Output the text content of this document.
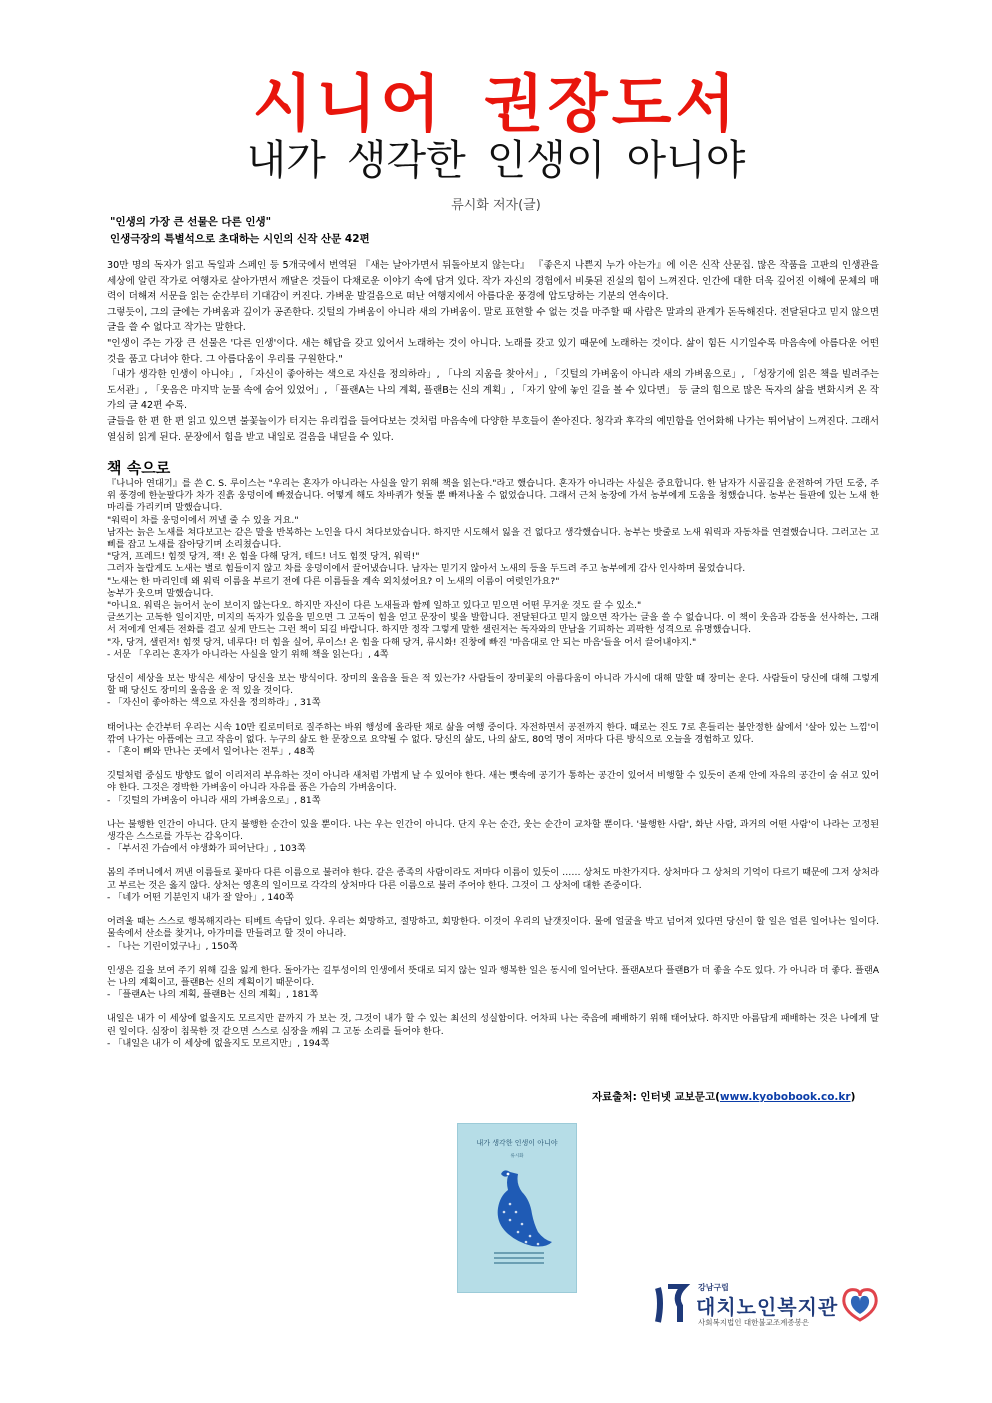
시니어 권장도서
내가 생각한 인생이 아니야
류시화 저자(글)
"인생의 가장 큰 선물은 다른 인생"
인생극장의 특별석으로 초대하는 시인의 신작 산문 42편

30만 명의 독자가 읽고 독일과 스페인 등 5개국에서 번역된 『새는 날아가면서 뒤돌아보지 않는다』 『좋은지 나쁜지 누가 아는가』에 이은 신작 산문집. 많은 작품을 고판의 인생관을 세상에 알린 작가로 여행자로 살아가면서 깨달은 것들이 다채로운 이야기 속에 담겨 있다. 작가 자신의 경험에서 비롯된 진실의 힘이 느껴진다. 인간에 대한 더욱 깊어진 이해에 문체의 매력이 더해져 서문을 읽는 순간부터 기대감이 커진다. 가벼운 발걸음으로 떠난 여행지에서 아름다운 풍경에 압도당하는 기분의 연속이다.

그렇듯이, 그의 글에는 가벼움과 깊이가 공존한다. 깃털의 가벼움이 아니라 새의 가벼움이. 말로 표현할 수 없는 것을 마주할 때 사람은 말과의 관계가 돈독해진다. 전달된다고 믿지 않으면 글을 쓸 수 없다고 작가는 말한다.

"인생이 주는 가장 큰 선물은 '다른 인생'이다. 새는 해답을 갖고 있어서 노래하는 것이 아니다. 노래를 갖고 있기 때문에 노래하는 것이다. 삶이 힘든 시기일수록 마음속에 아름다운 어떤 것을 품고 다녀야 한다. 그 아름다움이 우리를 구원한다."

「내가 생각한 인생이 아니야」, 「자신이 좋아하는 색으로 자신을 정의하라」, 「나의 지움을 찾아서」, 「깃털의 가벼움이 아니라 새의 가벼움으로」, 「성장기에 읽은 책을 빌려주는 도서관」, 「웃음은 마지막 눈물 속에 숨어 있었어」, 「플랜A는 나의 계획, 플랜B는 신의 계획」, 「자기 앞에 놓인 길을 볼 수 있다면」 등 글의 힘으로 많은 독자의 삶을 변화시켜 온 작가의 글 42편 수록.

글들을 한 편 한 편 읽고 있으면 불꽃놀이가 터지는 유리컵을 들여다보는 것처럼 마음속에 다양한 부호들이 쏟아진다. 청각과 후각의 예민함을 언어화해 나가는 뛰어남이 느껴진다. 그래서 열심히 읽게 된다. 문장에서 힘을 받고 내일로 걸음을 내딛을 수 있다.

책 속으로

『나니아 연대기』를 쓴 C. S. 루이스는 "우리는 혼자가 아니라는 사실을 알기 위해 책을 읽는다."라고 했습니다. 혼자가 아니라는 사실은 중요합니다. 한 남자가 시골길을 운전하여 가던 도중, 주위 풍경에 한눈팔다가 차가 진흙 웅덩이에 빠졌습니다. 어떻게 해도 차바퀴가 헛돌 뿐 빠져나올 수 없었습니다. 그래서 근처 농장에 가서 농부에게 도움을 청했습니다. 농부는 들판에 있는 노새 한 마리를 가리키며 말했습니다.

"워릭이 차를 웅덩이에서 꺼낼 줄 수 있을 거요."

남자는 늙은 노새를 쳐다보고는 같은 말을 반복하는 노인을 다시 쳐다보았습니다. 하지만 시도해서 잃을 건 없다고 생각했습니다. 농부는 밧줄로 노새 워릭과 자동차를 연결했습니다. 그러고는 고삐를 잡고 노새를 잡아당기며 소리쳤습니다.

"당겨, 프레드! 힘껏 당겨, 잭! 온 힘을 다해 당겨, 테드! 너도 힘껏 당겨, 워릭!"

그러자 놀랍게도 노새는 별로 힘들이지 않고 차를 웅덩이에서 끌어냈습니다. 남자는 믿기지 않아서 노새의 등을 두드려 주고 농부에게 감사 인사하며 물었습니다.

"노새는 한 마리인데 왜 워릭 이름을 부르기 전에 다른 이름들을 계속 외치셨어요? 이 노새의 이름이 여럿인가요?"

농부가 웃으며 말했습니다.

"아니요. 워릭은 늙어서 눈이 보이지 않는다오. 하지만 자신이 다른 노새들과 함께 일하고 있다고 믿으면 어떤 무거운 것도 끌 수 있소."

글쓰기는 고독한 일이지만, 미지의 독자가 있음을 믿으면 그 고독이 힘을 얻고 문장이 빛을 발합니다. 전달된다고 믿지 않으면 작가는 글을 쓸 수 없습니다. 이 책이 웃음과 감동을 선사하는, 그래서 저에게 언제든 전화를 걸고 싶게 만드는 그런 책이 되길 바랍니다. 하지만 정작 그렇게 말한 샐린저는 독자와의 만남을 기피하는 괴팍한 성격으로 유명했습니다.

"자, 당겨, 샐린저! 힘껏 당겨, 네루다! 더 힘을 실어, 루이스! 온 힘을 다해 당겨, 류시화! 진창에 빠진 '마음대로 안 되는 마음'들을 어서 끌어내야지."

- 서문 「우리는 혼자가 아니라는 사실을 알기 위해 책을 읽는다」, 4쪽

당신이 세상을 보는 방식은 세상이 당신을 보는 방식이다. 장미의 울음을 들은 적 있는가? 사람들이 장미꽃의 아름다움이 아니라 가시에 대해 말할 때 장미는 운다. 사람들이 당신에 대해 그렇게 할 때 당신도 장미의 울음을 운 적 있을 것이다.

- 「자신이 좋아하는 색으로 자신을 정의하라」, 31쪽

태어나는 순간부터 우리는 시속 10만 킬로미터로 질주하는 바위 행성에 올라탄 채로 삶을 여행 중이다. 자전하면서 공전까지 한다. 때로는 진도 7로 흔들리는 불안정한 삶에서 '살아 있는 느낌'이 깎여 나가는 아픔에는 크고 작음이 없다. 누구의 삶도 한 문장으로 요약될 수 없다. 당신의 삶도, 나의 삶도, 80억 명이 저마다 다른 방식으로 오늘을 경험하고 있다.

- 「혼이 뼈와 만나는 곳에서 일어나는 전투」, 48쪽

깃털처럼 중심도 방향도 없이 이리저리 부유하는 것이 아니라 새처럼 가볍게 날 수 있어야 한다. 새는 뼛속에 공기가 통하는 공간이 있어서 비행할 수 있듯이 존재 안에 자유의 공간이 숨 쉬고 있어야 한다. 그것은 경박한 가벼움이 아니라 자유를 품은 가슴의 가벼움이다.

- 「깃털의 가벼움이 아니라 새의 가벼움으로」, 81쪽

나는 불행한 인간이 아니다. 단지 불행한 순간이 있을 뿐이다. 나는 우는 인간이 아니다. 단지 우는 순간, 웃는 순간이 교차할 뿐이다. '불행한 사람', 화난 사람, 과거의 어떤 사람'이 나라는 고정된 생각은 스스로를 가두는 감옥이다.

- 「부서진 가슴에서 야생화가 피어난다」, 103쪽

봄의 주머니에서 꺼낸 이름들로 꽃마다 다른 이름으로 불러야 한다. 같은 종족의 사람이라도 저마다 이름이 있듯이 …… 상처도 마찬가지다. 상처마다 그 상처의 기억이 다르기 때문에 그저 상처라고 부르는 것은 옳지 않다. 상처는 영혼의 일이므로 각각의 상처마다 다른 이름으로 불러 주어야 한다. 그것이 그 상처에 대한 존중이다.

- 「네가 어떤 기분인지 내가 잘 알아」, 140쪽

어려울 때는 스스로 행복해지라는 티베트 속담이 있다. 우리는 회망하고, 절망하고, 회망한다. 이것이 우리의 날갯짓이다. 물에 얼굴을 박고 넘어져 있다면 당신이 할 일은 얼른 일어나는 일이다. 물속에서 산소를 찾거나, 아가미를 만들려고 할 것이 아니라.

- 「나는 기린이었구나」, 150쪽

인생은 길을 보여 주기 위해 길을 잃게 한다. 돌아가는 길투성이의 인생에서 뜻대로 되지 않는 일과 행복한 일은 동시에 일어난다. 플랜A보다 플랜B가 더 좋을 수도 있다. 가 아니라 더 좋다. 플랜A는 나의 계획이고, 플랜B는 신의 계획이기 때문이다.

- 「플랜A는 나의 계획, 플랜B는 신의 계획」, 181쪽

내일은 내가 이 세상에 없을지도 모르지만 끝까지 가 보는 것, 그것이 내가 할 수 있는 최선의 성실함이다. 어차피 나는 죽음에 패배하기 위해 태어났다. 하지만 아름답게 패배하는 것은 나에게 달린 일이다. 심장이 침묵한 것 같으면 스스로 심장을 깨워 그 고동 소리를 들어야 한다.

- 「내일은 내가 이 세상에 없을지도 모르지만」, 194쪽

자료출처: 인터넷 교보문고(www.kyobobook.co.kr)
내가 생각한 인생이 아니야
류시화
강남구립
대치노인복지관
사회복지법인 대한불교조계종봉은
